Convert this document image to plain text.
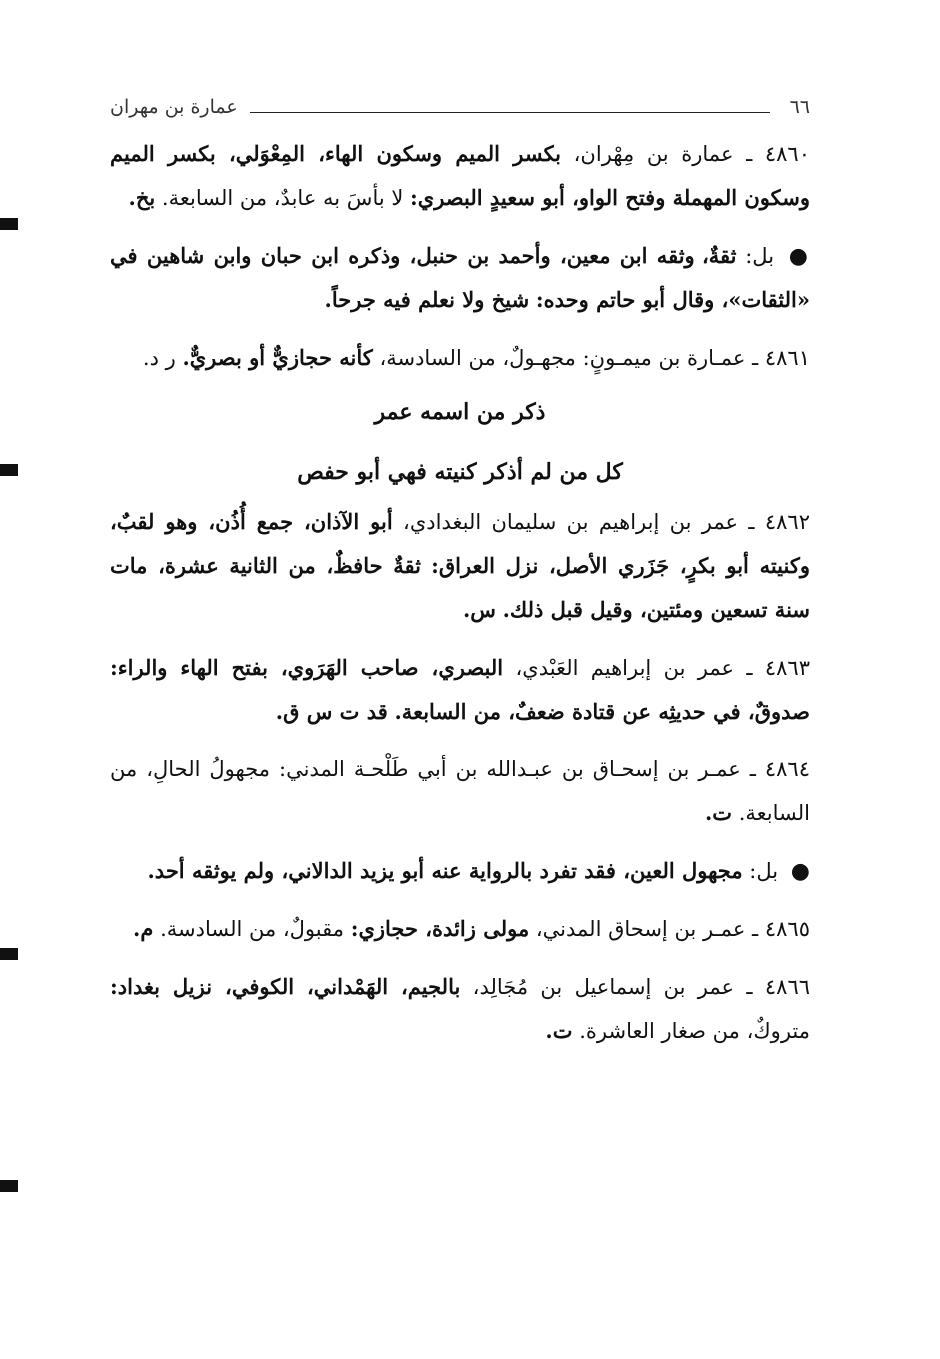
٦٦
عمارة بن مهران

٤٨٦٠ ـ عمارة بن مِهْران، بكسر الميم وسكون الهاء، المِعْوَلي، بكسر الميم وسكون المهملة وفتح الواو، أبو سعيدٍ البصري: لا بأسَ به عابدٌ، من السابعة. بخ.

● بل: ثقةٌ، وثقه ابن معين، وأحمد بن حنبل، وذكره ابن حبان وابن شاهين في «الثقات»، وقال أبو حاتم وحده: شيخ ولا نعلم فيه جرحاً.

٤٨٦١ ـ عمـارة بن ميمـونٍ: مجهـولٌ، من السادسة، كأنه حجازيٌّ أو بصريٌّ. ر د.

ذكر من اسمه عمر
كل من لم أذكر كنيته فهي أبو حفص

٤٨٦٢ ـ عمر بن إبراهيم بن سليمان البغدادي، أبو الآذان، جمع أُذُن، وهو لقبٌ، وكنيته أبو بكرٍ، جَزَري الأصل، نزل العراق: ثقةٌ حافظٌ، من الثانية عشرة، مات سنة تسعين ومئتين، وقيل قبل ذلك. س.

٤٨٦٣ ـ عمر بن إبراهيم العَبْدي، البصري، صاحب الهَرَوي، بفتح الهاء والراء: صدوقٌ، في حديثِه عن قتادة ضعفٌ، من السابعة. قد ت س ق.

٤٨٦٤ ـ عمـر بن إسحـاق بن عبـدالله بن أبي طَلْحـة المدني: مجهولُ الحالِ، من السابعة. ت.

● بل: مجهول العين، فقد تفرد بالرواية عنه أبو يزيد الدالاني، ولم يوثقه أحد.

٤٨٦٥ ـ عمـر بن إسحاق المدني، مولى زائدة، حجازي: مقبولٌ، من السادسة. م.

٤٨٦٦ ـ عمر بن إسماعيل بن مُجَالِد، بالجيم، الهَمْداني، الكوفي، نزيل بغداد: متروكٌ، من صغار العاشرة. ت.
